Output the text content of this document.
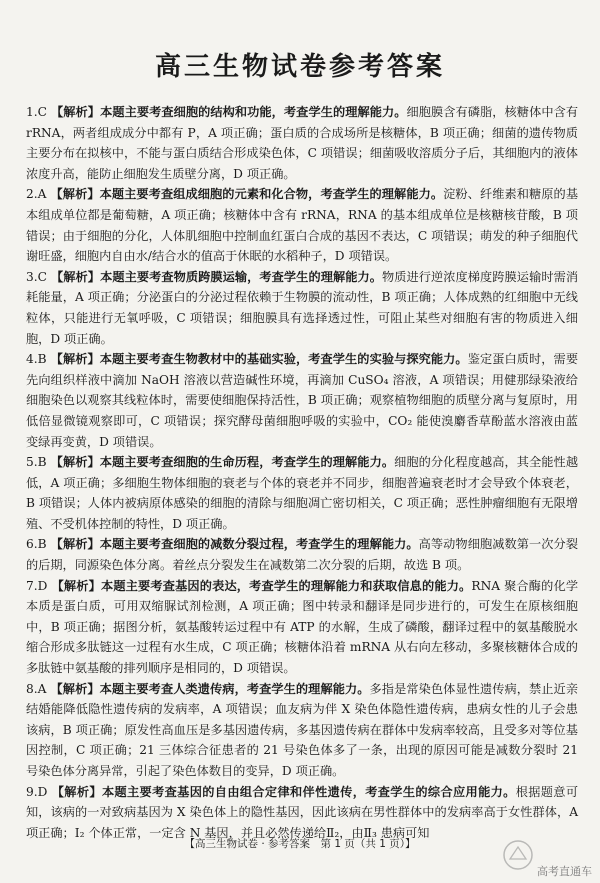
高三生物试卷参考答案

1.C 【解析】本题主要考查细胞的结构和功能，考查学生的理解能力。细胞膜含有磷脂，核糖体中含有 rRNA，两者组成成分中都有 P，A 项正确；蛋白质的合成场所是核糖体，B 项正确；细菌的遗传物质主要分布在拟核中，不能与蛋白质结合形成染色体，C 项错误；细菌吸收溶质分子后，其细胞内的液体浓度升高，能防止细胞发生质壁分离，D 项正确。

2.A 【解析】本题主要考查组成细胞的元素和化合物，考查学生的理解能力。淀粉、纤维素和糖原的基本组成单位都是葡萄糖，A 项正确；核糖体中含有 rRNA，RNA 的基本组成单位是核糖核苷酸，B 项错误；由于细胞的分化，人体肌细胞中控制血红蛋白合成的基因不表达，C 项错误；萌发的种子细胞代谢旺盛，细胞内自由水/结合水的值高于休眠的水稻种子，D 项错误。

3.C 【解析】本题主要考查物质跨膜运输，考查学生的理解能力。物质进行逆浓度梯度跨膜运输时需消耗能量，A 项正确；分泌蛋白的分泌过程依赖于生物膜的流动性，B 项正确；人体成熟的红细胞中无线粒体，只能进行无氧呼吸，C 项错误；细胞膜具有选择透过性，可阻止某些对细胞有害的物质进入细胞，D 项正确。

4.B 【解析】本题主要考查生物教材中的基础实验，考查学生的实验与探究能力。鉴定蛋白质时，需要先向组织样液中滴加 NaOH 溶液以营造碱性环境，再滴加 CuSO₄ 溶液，A 项错误；用健那绿染液给细胞染色以观察其线粒体时，需要使细胞保持活性，B 项正确；观察植物细胞的质壁分离与复原时，用低倍显微镜观察即可，C 项错误；探究酵母菌细胞呼吸的实验中，CO₂ 能使溴麝香草酚蓝水溶液由蓝变绿再变黄，D 项错误。

5.B 【解析】本题主要考查细胞的生命历程，考查学生的理解能力。细胞的分化程度越高，其全能性越低，A 项正确；多细胞生物体细胞的衰老与个体的衰老并不同步，细胞普遍衰老时才会导致个体衰老，B 项错误；人体内被病原体感染的细胞的清除与细胞凋亡密切相关，C 项正确；恶性肿瘤细胞有无限增殖、不受机体控制的特性，D 项正确。

6.B 【解析】本题主要考查细胞的减数分裂过程，考查学生的理解能力。高等动物细胞减数第一次分裂的后期，同源染色体分离。着丝点分裂发生在减数第二次分裂的后期，故选 B 项。

7.D 【解析】本题主要考查基因的表达，考查学生的理解能力和获取信息的能力。RNA 聚合酶的化学本质是蛋白质，可用双缩脲试剂检测，A 项正确；图中转录和翻译是同步进行的，可发生在原核细胞中，B 项正确；据图分析，氨基酸转运过程中有 ATP 的水解，生成了磷酸，翻译过程中的氨基酸脱水缩合形成多肽链这一过程有水生成，C 项正确；核糖体沿着 mRNA 从右向左移动，多聚核糖体合成的多肽链中氨基酸的排列顺序是相同的，D 项错误。

8.A 【解析】本题主要考查人类遗传病，考查学生的理解能力。多指是常染色体显性遗传病，禁止近亲结婚能降低隐性遗传病的发病率，A 项错误；血友病为伴 X 染色体隐性遗传病，患病女性的儿子会患该病，B 项正确；原发性高血压是多基因遗传病，多基因遗传病在群体中发病率较高，且受多对等位基因控制，C 项正确；21 三体综合征患者的 21 号染色体多了一条，出现的原因可能是减数分裂时 21 号染色体分离异常，引起了染色体数目的变异，D 项正确。

9.D 【解析】本题主要考查基因的自由组合定律和伴性遗传，考查学生的综合应用能力。根据题意可知，该病的一对致病基因为 X 染色体上的隐性基因，因此该病在男性群体中的发病率高于女性群体，A 项正确；Ⅰ₂ 个体正常，一定含 N 基因，并且必然传递给Ⅱ₂，由Ⅱ₃ 患病可知

【高三生物试卷 · 参考答案　第 1 页（共 1 页）】
高考直通车
